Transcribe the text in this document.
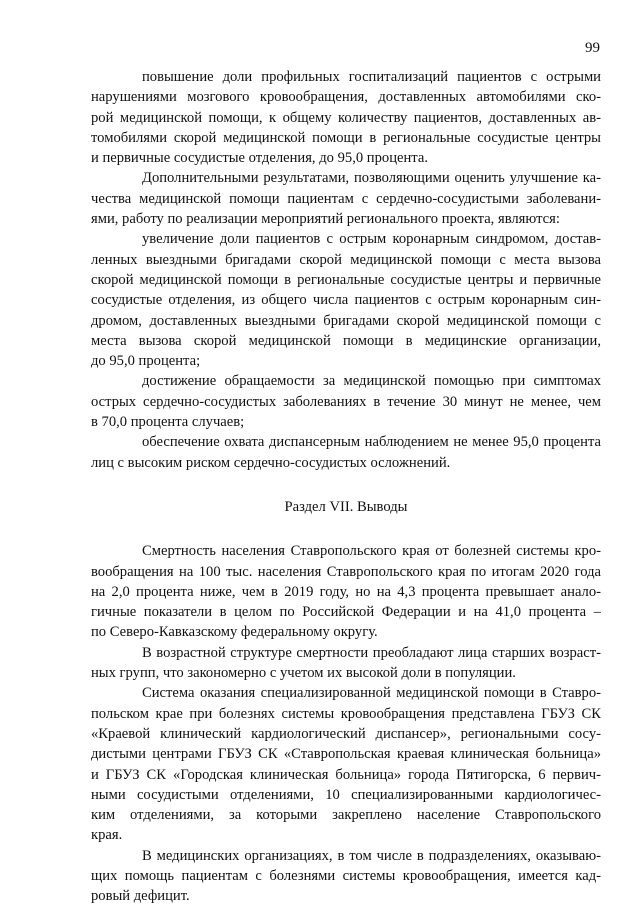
99
повышение доли профильных госпитализаций пациентов с острыми
нарушениями мозгового кровообращения, доставленных автомобилями ско-
рой медицинской помощи, к общему количеству пациентов, доставленных ав-
томобилями скорой медицинской помощи в региональные сосудистые центры
и первичные сосудистые отделения, до 95,0 процента.
Дополнительными результатами, позволяющими оценить улучшение ка-
чества медицинской помощи пациентам с сердечно-сосудистыми заболевани-
ями, работу по реализации мероприятий регионального проекта, являются:
увеличение доли пациентов с острым коронарным синдромом, достав-
ленных выездными бригадами скорой медицинской помощи с места вызова
скорой медицинской помощи в региональные сосудистые центры и первичные
сосудистые отделения, из общего числа пациентов с острым коронарным син-
дромом, доставленных выездными бригадами скорой медицинской помощи с
места вызова скорой медицинской помощи в медицинские организации,
до 95,0 процента;
достижение обращаемости за медицинской помощью при симптомах
острых сердечно-сосудистых заболеваниях в течение 30 минут не менее, чем
в 70,0 процента случаев;
обеспечение охвата диспансерным наблюдением не менее 95,0 процента
лиц с высоким риском сердечно-сосудистых осложнений.
Раздел VII. Выводы
Смертность населения Ставропольского края от болезней системы кро-
вообращения на 100 тыс. населения Ставропольского края по итогам 2020 года
на 2,0 процента ниже, чем в 2019 году, но на 4,3 процента превышает анало-
гичные показатели в целом по Российской Федерации и на 41,0 процента –
по Северо-Кавказскому федеральному округу.
В возрастной структуре смертности преобладают лица старших возраст-
ных групп, что закономерно с учетом их высокой доли в популяции.
Система оказания специализированной медицинской помощи в Ставро-
польском крае при болезнях системы кровообращения представлена ГБУЗ СК
«Краевой клинический кардиологический диспансер», региональными сосу-
дистыми центрами ГБУЗ СК «Ставропольская краевая клиническая больница»
и ГБУЗ СК «Городская клиническая больница» города Пятигорска, 6 первич-
ными сосудистыми отделениями, 10 специализированными кардиологичес-
ким отделениями, за которыми закреплено население Ставропольского
края.
В медицинских организациях, в том числе в подразделениях, оказываю-
щих помощь пациентам с болезнями системы кровообращения, имеется кад-
ровый дефицит.
